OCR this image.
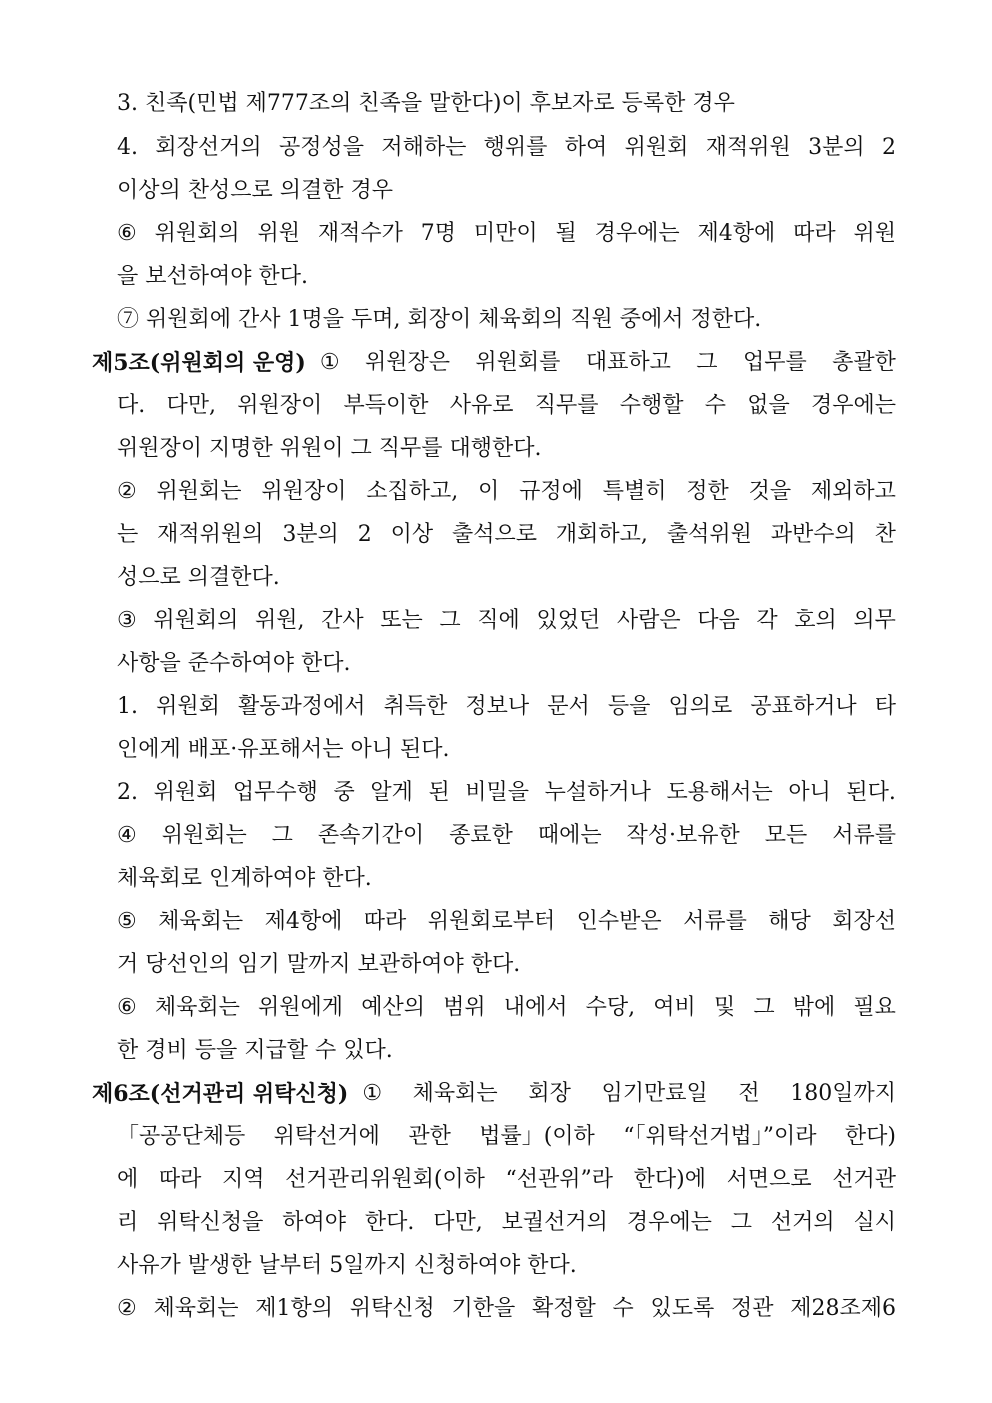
3. 친족(민법 제777조의 친족을 말한다)이 후보자로 등록한 경우
4. 회장선거의 공정성을 저해하는 행위를 하여 위원회 재적위원 3분의 2
이상의 찬성으로 의결한 경우
⑥ 위원회의 위원 재적수가 7명 미만이 될 경우에는 제4항에 따라 위원
을 보선하여야 한다.
⑦ 위원회에 간사 1명을 두며, 회장이 체육회의 직원 중에서 정한다.
제5조(위원회의 운영) ① 위원장은 위원회를 대표하고 그 업무를 총괄한
다. 다만, 위원장이 부득이한 사유로 직무를 수행할 수 없을 경우에는
위원장이 지명한 위원이 그 직무를 대행한다.
② 위원회는 위원장이 소집하고, 이 규정에 특별히 정한 것을 제외하고
는 재적위원의 3분의 2 이상 출석으로 개회하고, 출석위원 과반수의 찬
성으로 의결한다.
③ 위원회의 위원, 간사 또는 그 직에 있었던 사람은 다음 각 호의 의무
사항을 준수하여야 한다.
1. 위원회 활동과정에서 취득한 정보나 문서 등을 임의로 공표하거나 타
인에게 배포·유포해서는 아니 된다.
2. 위원회 업무수행 중 알게 된 비밀을 누설하거나 도용해서는 아니 된다.
④ 위원회는 그 존속기간이 종료한 때에는 작성·보유한 모든 서류를
체육회로 인계하여야 한다.
⑤ 체육회는 제4항에 따라 위원회로부터 인수받은 서류를 해당 회장선
거 당선인의 임기 말까지 보관하여야 한다.
⑥ 체육회는 위원에게 예산의 범위 내에서 수당, 여비 및 그 밖에 필요
한 경비 등을 지급할 수 있다.
제6조(선거관리 위탁신청) ① 체육회는 회장 임기만료일 전 180일까지
「공공단체등 위탁선거에 관한 법률」(이하 “「위탁선거법」”이라 한다)
에 따라 지역 선거관리위원회(이하 “선관위”라 한다)에 서면으로 선거관
리 위탁신청을 하여야 한다. 다만, 보궐선거의 경우에는 그 선거의 실시
사유가 발생한 날부터 5일까지 신청하여야 한다.
② 체육회는 제1항의 위탁신청 기한을 확정할 수 있도록 정관 제28조제6
